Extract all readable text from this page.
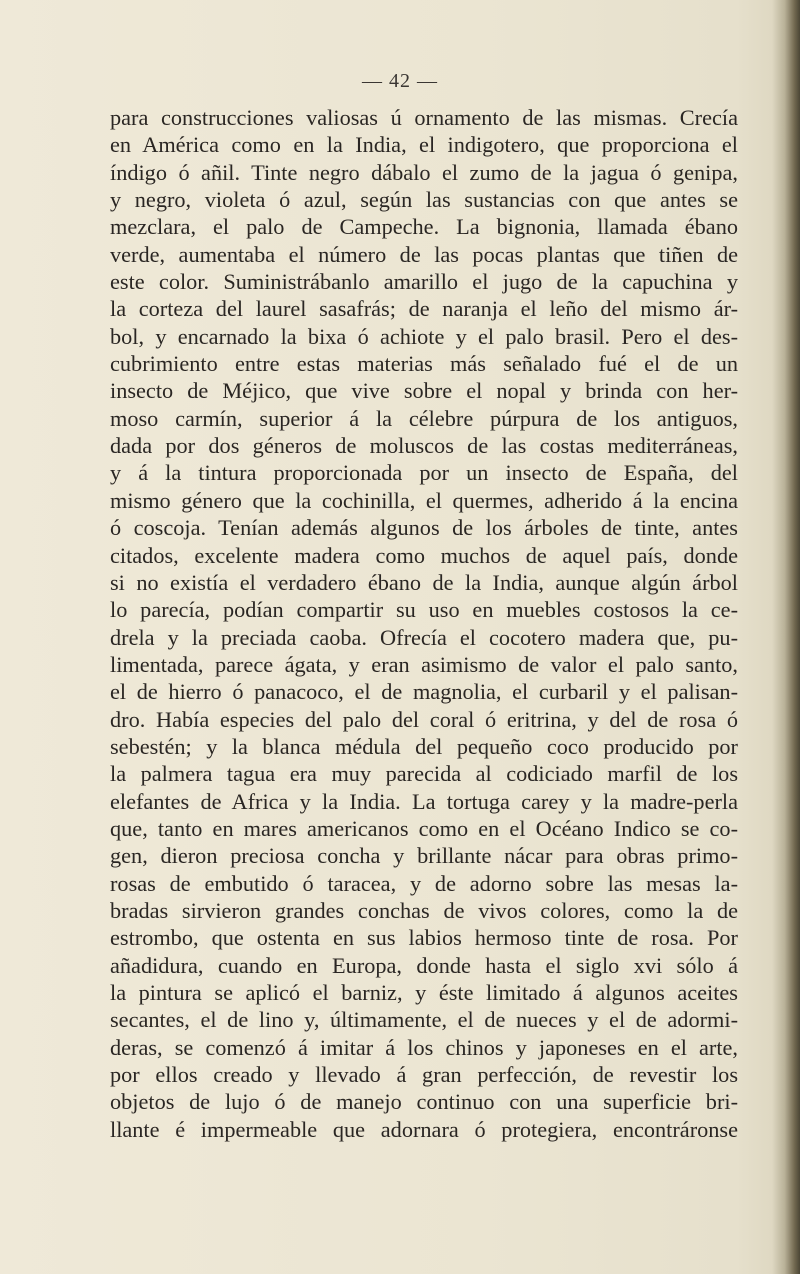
— 42 —
para construcciones valiosas ú ornamento de las mismas. Crecía
en América como en la India, el indigotero, que proporciona el
índigo ó añil. Tinte negro dábalo el zumo de la jagua ó genipa,
y negro, violeta ó azul, según las sustancias con que antes se
mezclara, el palo de Campeche. La bignonia, llamada ébano
verde, aumentaba el número de las pocas plantas que tiñen de
este color. Suministrábanlo amarillo el jugo de la capuchina y
la corteza del laurel sasafrás; de naranja el leño del mismo ár-
bol, y encarnado la bixa ó achiote y el palo brasil. Pero el des-
cubrimiento entre estas materias más señalado fué el de un
insecto de Méjico, que vive sobre el nopal y brinda con her-
moso carmín, superior á la célebre púrpura de los antiguos,
dada por dos géneros de moluscos de las costas mediterráneas,
y á la tintura proporcionada por un insecto de España, del
mismo género que la cochinilla, el quermes, adherido á la encina
ó coscoja. Tenían además algunos de los árboles de tinte, antes
citados, excelente madera como muchos de aquel país, donde
si no existía el verdadero ébano de la India, aunque algún árbol
lo parecía, podían compartir su uso en muebles costosos la ce-
drela y la preciada caoba. Ofrecía el cocotero madera que, pu-
limentada, parece ágata, y eran asimismo de valor el palo santo,
el de hierro ó panacoco, el de magnolia, el curbaril y el palisan-
dro. Había especies del palo del coral ó eritrina, y del de rosa ó
sebestén; y la blanca médula del pequeño coco producido por
la palmera tagua era muy parecida al codiciado marfil de los
elefantes de Africa y la India. La tortuga carey y la madre-perla
que, tanto en mares americanos como en el Océano Indico se co-
gen, dieron preciosa concha y brillante nácar para obras primo-
rosas de embutido ó taracea, y de adorno sobre las mesas la-
bradas sirvieron grandes conchas de vivos colores, como la de
estrombo, que ostenta en sus labios hermoso tinte de rosa. Por
añadidura, cuando en Europa, donde hasta el siglo xvi sólo á
la pintura se aplicó el barniz, y éste limitado á algunos aceites
secantes, el de lino y, últimamente, el de nueces y el de adormi-
deras, se comenzó á imitar á los chinos y japoneses en el arte,
por ellos creado y llevado á gran perfección, de revestir los
objetos de lujo ó de manejo continuo con una superficie bri-
llante é impermeable que adornara ó protegiera, encontráronse
